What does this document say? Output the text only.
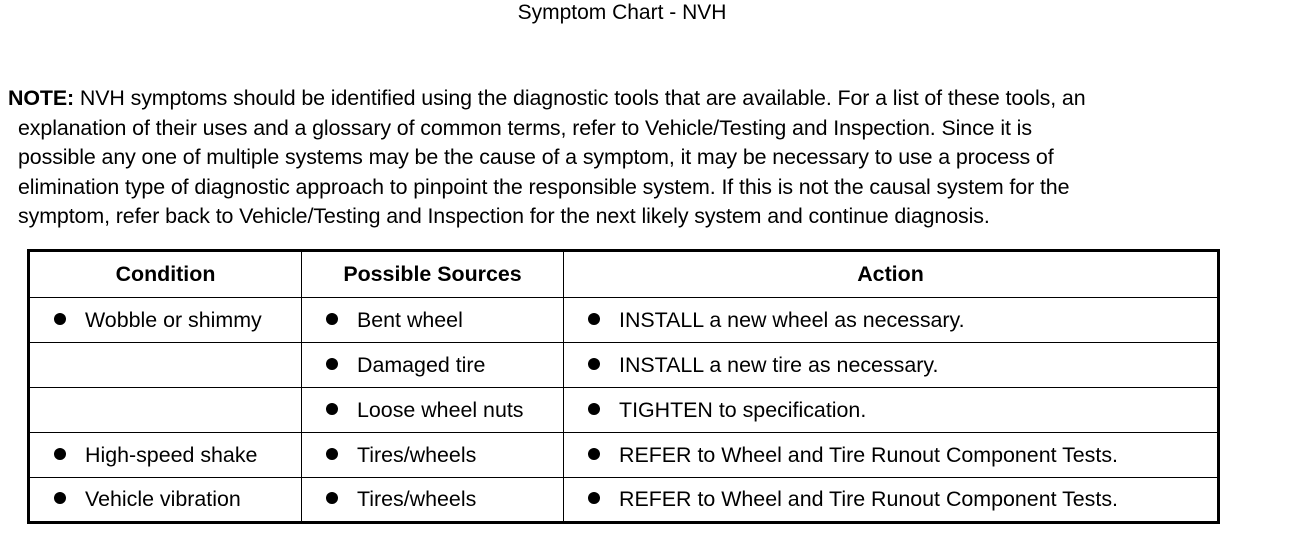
Symptom Chart - NVH
NOTE: NVH symptoms should be identified using the diagnostic tools that are available. For a list of these tools, an
explanation of their uses and a glossary of common terms, refer to Vehicle/Testing and Inspection. Since it is
possible any one of multiple systems may be the cause of a symptom, it may be necessary to use a process of
elimination type of diagnostic approach to pinpoint the responsible system. If this is not the causal system for the
symptom, refer back to Vehicle/Testing and Inspection for the next likely system and continue diagnosis.
Condition	Possible Sources	Action
Wobble or shimmy	Bent wheel	INSTALL a new wheel as necessary.
	Damaged tire	INSTALL a new tire as necessary.
	Loose wheel nuts	TIGHTEN to specification.
High-speed shake	Tires/wheels	REFER to Wheel and Tire Runout Component Tests.
Vehicle vibration	Tires/wheels	REFER to Wheel and Tire Runout Component Tests.
